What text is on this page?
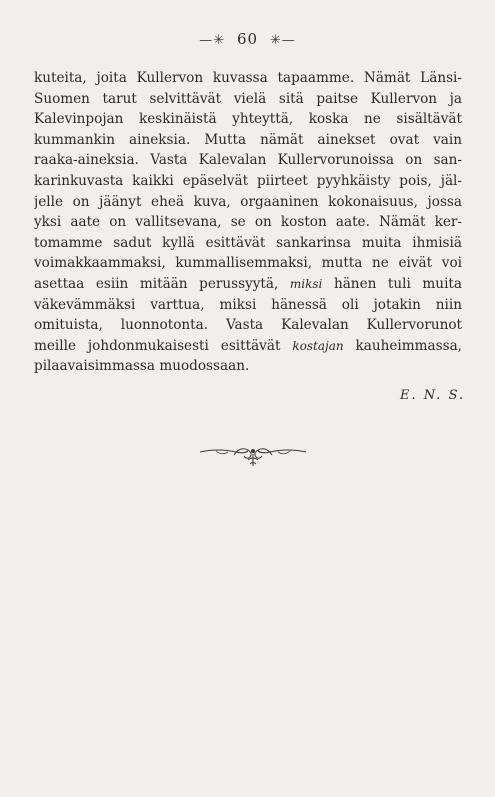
—✳ 60 ✳—
kuteita, joita Kullervon kuvassa tapaamme. Nämät Länsi-
Suomen tarut selvittävät vielä sitä paitse Kullervon ja
Kalevinpojan keskinäistä yhteyttä, koska ne sisältävät
kummankin aineksia. Mutta nämät ainekset ovat vain
raaka-aineksia. Vasta Kalevalan Kullervorunoissa on san-
karinkuvasta kaikki epäselvät piirteet pyyhkäisty pois, jäl-
jelle on jäänyt eheä kuva, orgaaninen kokonaisuus, jossa
yksi aate on vallitsevana, se on koston aate. Nämät ker-
tomamme sadut kyllä esittävät sankarinsa muita ihmisiä
voimakkaammaksi, kummallisemmaksi, mutta ne eivät voi
asettaa esiin mitään perussyytä, miksi hänen tuli muita
väkevämmäksi varttua, miksi hänessä oli jotakin niin
omituista, luonnotonta. Vasta Kalevalan Kullervorunot
meille johdonmukaisesti esittävät kostajan kauheimmassa,
pilaavaisimmassa muodossaan.
E. N. S.
